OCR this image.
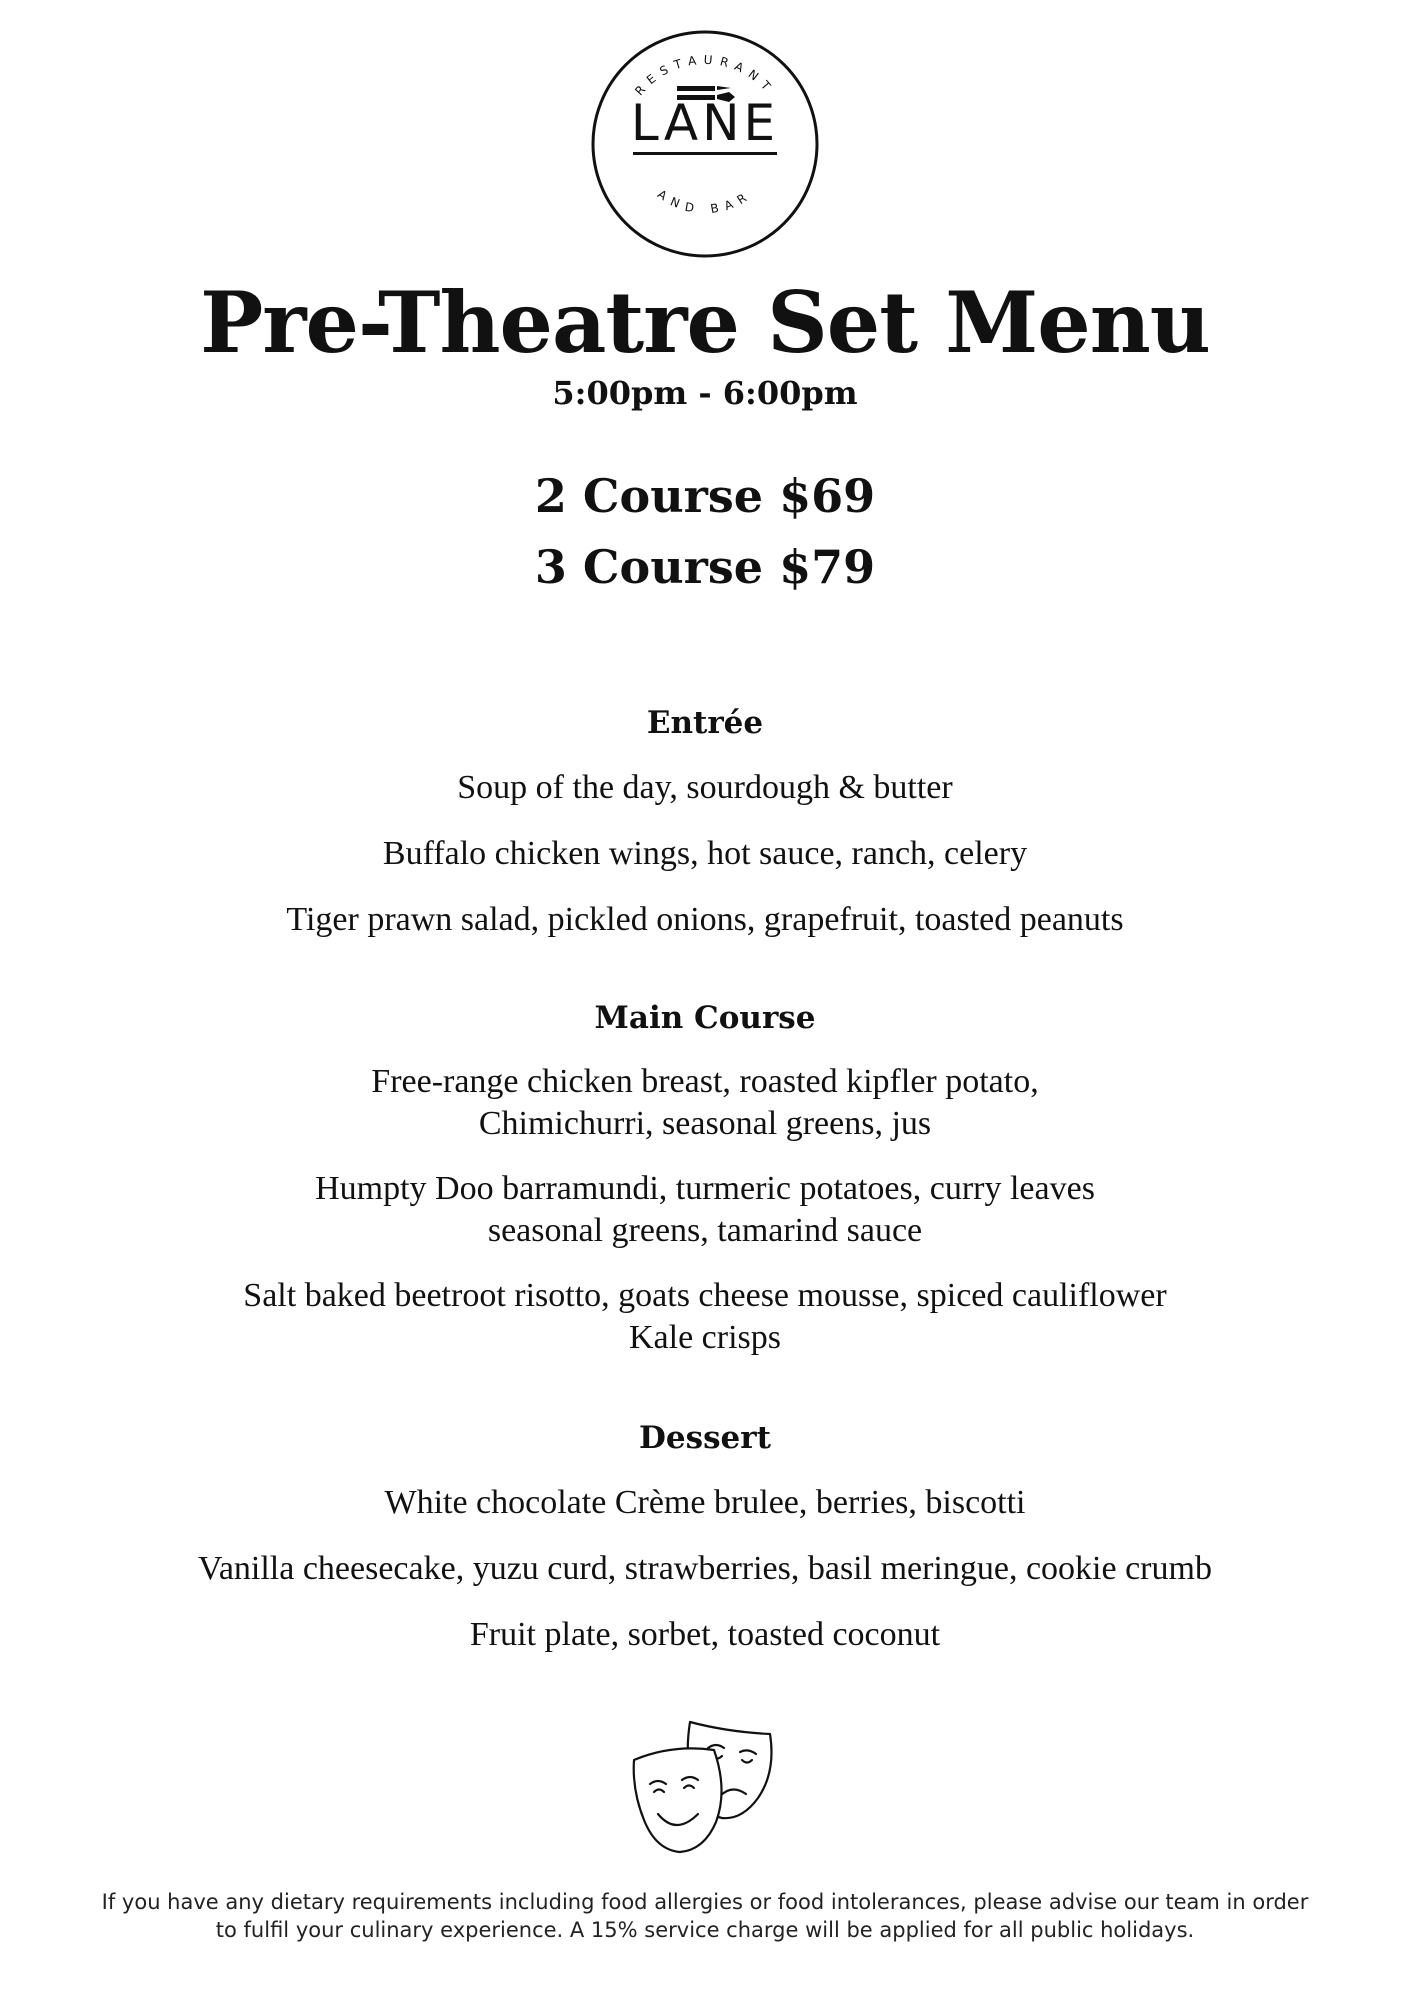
RESTAURANT
LANE
AND BAR
Pre-Theatre Set Menu
5:00pm - 6:00pm
2 Course $69
3 Course $79
Entrée
Soup of the day, sourdough & butter
Buffalo chicken wings, hot sauce, ranch, celery
Tiger prawn salad, pickled onions, grapefruit, toasted peanuts
Main Course
Free-range chicken breast, roasted kipfler potato,
Chimichurri, seasonal greens, jus
Humpty Doo barramundi, turmeric potatoes, curry leaves
seasonal greens, tamarind sauce
Salt baked beetroot risotto, goats cheese mousse, spiced cauliflower
Kale crisps
Dessert
White chocolate Crème brulee, berries, biscotti
Vanilla cheesecake, yuzu curd, strawberries, basil meringue, cookie crumb
Fruit plate, sorbet, toasted coconut
If you have any dietary requirements including food allergies or food intolerances, please advise our team in order
to fulfil your culinary experience. A 15% service charge will be applied for all public holidays.
